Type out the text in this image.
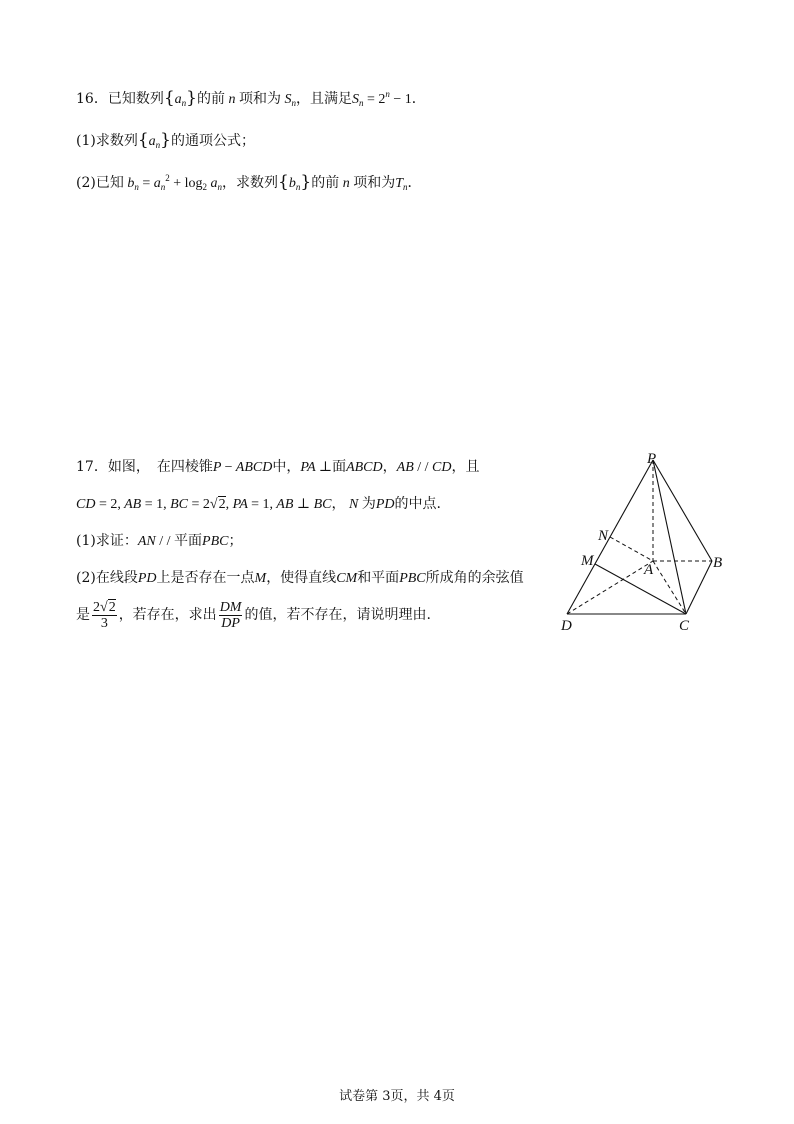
16．已知数列$\{a_n\}$的前 n 项和为 $S_n$，且满足$S_n = 2^n - 1$．
(1)求数列$\{a_n\}$的通项公式；
(2)已知 $b_n = a_n^2 + \log_2 a_n$，求数列$\{b_n\}$的前 n 项和为$T_n$．
17．如图，　在四棱锥P − ABCD中，PA ⊥面ABCD，AB / / CD，且
CD = 2, AB = 1, BC = 2√2, PA = 1, AB ⊥ BC， N 为PD的中点.
(1)求证：AN / / 平面PBC；
(2)在线段PD上是否存在一点M，使得直线CM和平面PBC所成角的余弦值
是 $\frac{2√2}{3}$ ，若存在，求出 $\frac{DM}{DP}$ 的值，若不存在，请说明理由.
P
N
M
A	B
D	C
试卷第 3页，共 4页
